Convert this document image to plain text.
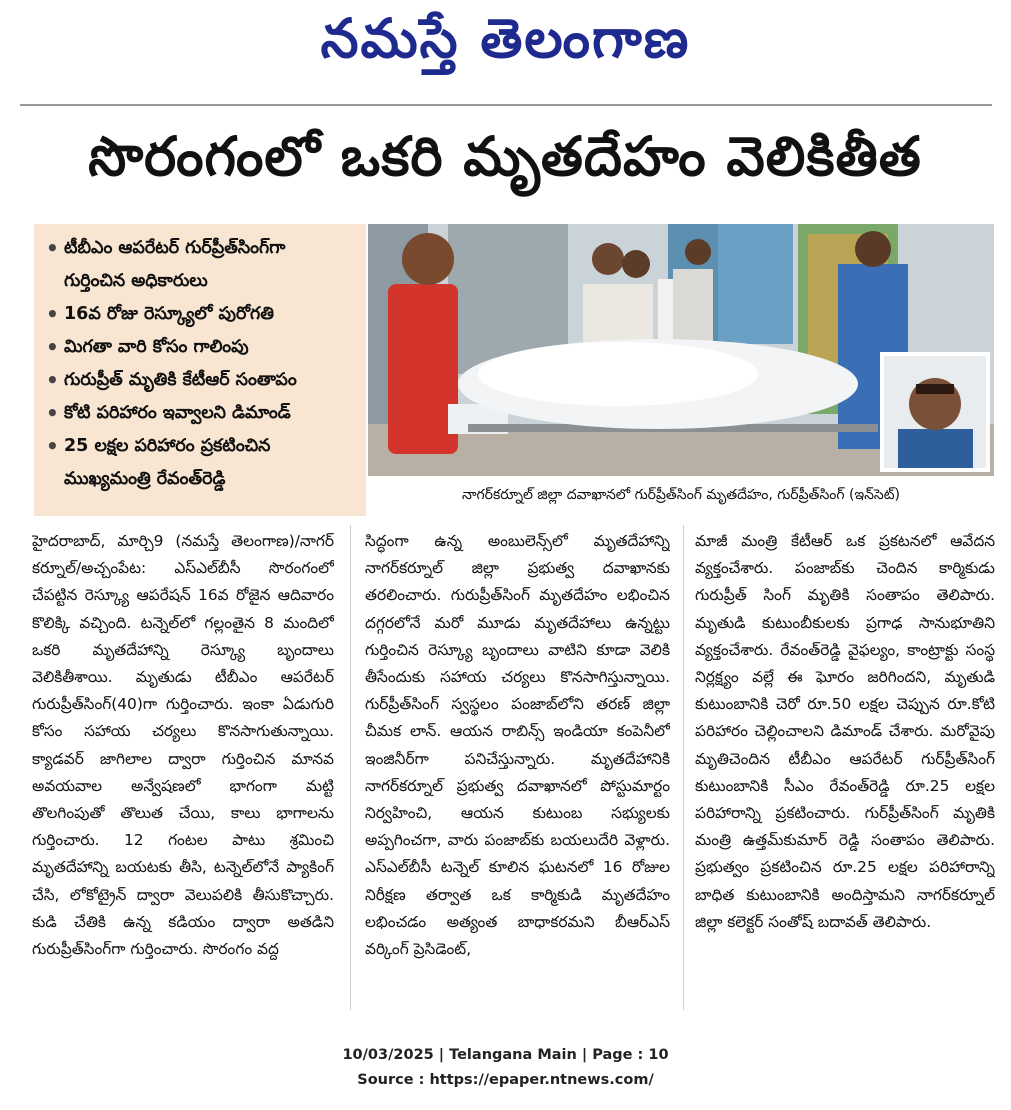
నమస్తే తెలంగాణ
సొరంగంలో ఒకరి మృతదేహం వెలికితీత
• టీబీఎం ఆపరేటర్ గుర్‌ప్రీత్‌సింగ్‌గా
గుర్తించిన అధికారులు
• 16వ రోజు రెస్క్యూలో పురోగతి
• మిగతా వారి కోసం గాలింపు
• గురుప్రీత్ మృతికి కేటీఆర్ సంతాపం
• కోటి పరిహారం ఇవ్వాలని డిమాండ్
• 25 లక్షల పరిహారం ప్రకటించిన
ముఖ్యమంత్రి రేవంత్‌రెడ్డి
నాగర్‌కర్నూల్ జిల్లా దవాఖానలో గుర్‌ప్రీత్‌సింగ్ మృతదేహం, గుర్‌ప్రీత్‌సింగ్ (ఇన్‌సెట్)
హైదరాబాద్, మార్చి9 (నమస్తే తెలంగాణ)/నాగర్ కర్నూల్/అచ్చంపేట: ఎస్‌ఎల్‌బీసీ సొరంగంలో చేపట్టిన రెస్క్యూ ఆపరేషన్ 16వ రోజైన ఆదివారం కొలిక్కి వచ్చింది. టన్నెల్‌లో గల్లంతైన 8 మందిలో ఒకరి మృతదేహాన్ని రెస్క్యూ బృందాలు వెలికితీశాయి. మృతుడు టీబీఎం ఆపరేటర్ గురుప్రీత్‌సింగ్(40)గా గుర్తించారు. ఇంకా ఏడుగురి కోసం సహాయ చర్యలు కొనసాగుతున్నాయి. క్యాడవర్ జాగిలాల ద్వారా గుర్తించిన మానవ అవయవాల అన్వేషణలో భాగంగా మట్టి తొలగింపుతో తొలుత చేయి, కాలు భాగాలను గుర్తించారు. 12 గంటల పాటు శ్రమించి మృతదేహాన్ని బయటకు తీసి, టన్నెల్‌లోనే ప్యాకింగ్ చేసి, లోకోట్రైన్ ద్వారా వెలుపలికి తీసుకొచ్చారు. కుడి చేతికి ఉన్న కడియం ద్వారా అతడిని గురుప్రీత్‌సింగ్‌గా గుర్తించారు. సొరంగం వద్ద
సిద్ధంగా ఉన్న అంబులెన్స్‌లో మృతదేహాన్ని నాగర్‌కర్నూల్ జిల్లా ప్రభుత్వ దవాఖానకు తరలించారు. గురుప్రీత్‌సింగ్ మృతదేహం లభించిన దగ్గరలోనే మరో మూడు మృతదేహాలు ఉన్నట్టు గుర్తించిన రెస్క్యూ బృందాలు వాటిని కూడా వెలికి తీసేందుకు సహాయ చర్యలు కొనసాగిస్తున్నాయి. గుర్‌ప్రీత్‌సింగ్ స్వస్థలం పంజాబ్‌లోని తరణ్ జిల్లా చీమక లాన్. ఆయన రాబిన్స్ ఇండియా కంపెనీలో ఇంజినీర్‌గా పనిచేస్తున్నారు. మృతదేహానికి నాగర్‌కర్నూల్ ప్రభుత్వ దవాఖానలో పోస్టుమార్టం నిర్వహించి, ఆయన కుటుంబ సభ్యులకు అప్పగించగా, వారు పంజాబ్‌కు బయలుదేరి వెళ్లారు. ఎస్‌ఎల్‌బీసీ టన్నెల్ కూలిన ఘటనలో 16 రోజుల నిరీక్షణ తర్వాత ఒక కార్మికుడి మృతదేహం లభించడం అత్యంత బాధాకరమని బీఆర్‌ఎస్ వర్కింగ్ ప్రెసిడెంట్,
మాజీ మంత్రి కేటీఆర్ ఒక ప్రకటనలో ఆవేదన వ్యక్తంచేశారు. పంజాబ్‌కు చెందిన కార్మికుడు గురుప్రీత్ సింగ్ మృతికి సంతాపం తెలిపారు. మృతుడి కుటుంబీకులకు ప్రగాఢ సానుభూతిని వ్యక్తంచేశారు. రేవంత్‌రెడ్డి వైఫల్యం, కాంట్రాక్టు సంస్థ నిర్లక్ష్యం వల్లే ఈ ఘోరం జరిగిందని, మృతుడి కుటుంబానికి చెరో రూ.50 లక్షల చెప్పున రూ.కోటి పరిహారం చెల్లించాలని డిమాండ్ చేశారు. మరోవైపు మృతిచెందిన టీబీఎం ఆపరేటర్ గుర్‌ప్రీత్‌సింగ్ కుటుంబానికి సీఎం రేవంత్‌రెడ్డి రూ.25 లక్షల పరిహారాన్ని ప్రకటించారు. గుర్‌ప్రీత్‌సింగ్ మృతికి మంత్రి ఉత్తమ్‌కుమార్ రెడ్డి సంతాపం తెలిపారు. ప్రభుత్వం ప్రకటించిన రూ.25 లక్షల పరిహారాన్ని బాధిత కుటుంబానికి అందిస్తామని నాగర్‌కర్నూల్ జిల్లా కలెక్టర్ సంతోష్ బదావత్ తెలిపారు.
10/03/2025 | Telangana Main | Page : 10
Source : https://epaper.ntnews.com/
